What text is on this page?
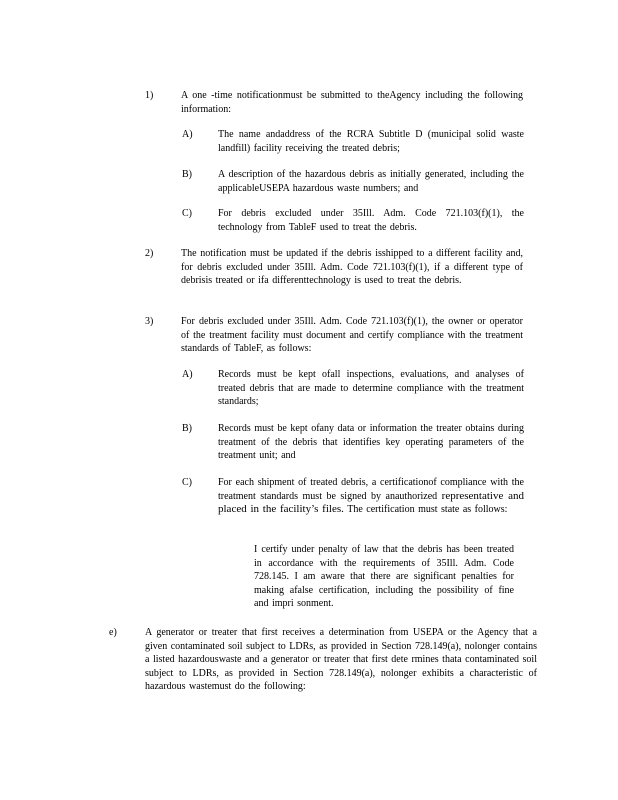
1)	A one -time notificationmust be submitted to theAgency including the following information:

A)	The name andaddress of the RCRA Subtitle D (municipal solid waste landfill) facility receiving the treated debris;

B)	A description of the hazardous debris as initially generated, including the applicableUSEPA hazardous waste numbers; and

C)	For debris excluded under 35Ill. Adm. Code 721.103(f)(1), the technology from TableF used to treat the debris.

2)	The notification must be updated if the debris isshipped to a different facility and, for debris excluded under 35Ill. Adm. Code 721.103(f)(1), if a different type of debrisis treated or ifa differenttechnology is used to treat the debris.

3)	For debris excluded under 35Ill. Adm. Code 721.103(f)(1), the owner or operator of the treatment facility must document and certify compliance with the treatment standards of TableF, as follows:

A)	Records must be kept ofall inspections, evaluations, and analyses of treated debris that are made to determine compliance with the treatment standards;

B)	Records must be kept ofany data or information the treater obtains during treatment of the debris that identifies key operating parameters of the treatment unit; and

C)	For each shipment of treated debris, a certificationof compliance with the treatment standards must be signed by anauthorized representative and placed in the facility’s files. The certification must state as follows:

I certify under penalty of law that the debris has been treated in accordance with the requirements of 35Ill. Adm. Code 728.145. I am aware that there are significant penalties for making afalse certification, including the possibility of fine and impri sonment.

e)	A generator or treater that first receives a determination from USEPA or the Agency that a given contaminated soil subject to LDRs, as provided in Section 728.149(a), nolonger contains a listed hazardouswaste and a generator or treater that first dete rmines thata contaminated soil subject to LDRs, as provided in Section 728.149(a), nolonger exhibits a characteristic of hazardous wastemust do the following:
